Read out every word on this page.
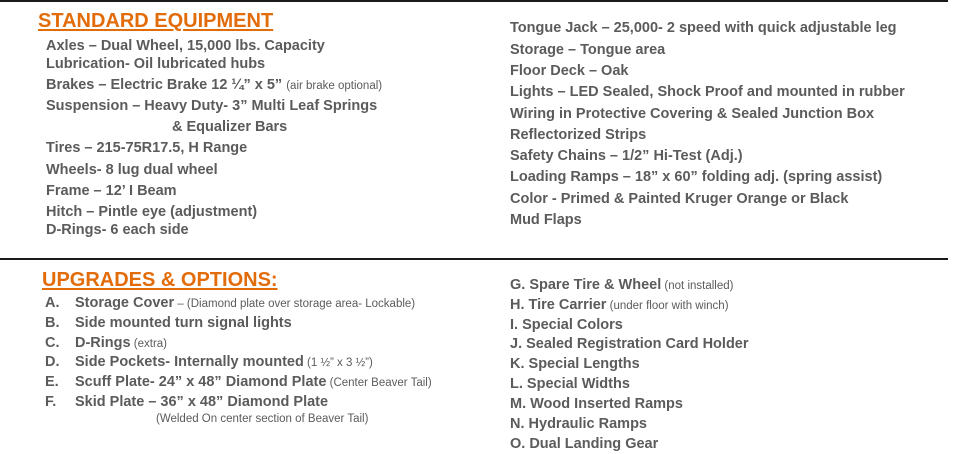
STANDARD EQUIPMENT
Axles – Dual Wheel, 15,000 lbs. Capacity
Lubrication- Oil lubricated hubs
Brakes – Electric Brake 12 ¼” x 5” (air brake optional)
Suspension – Heavy Duty- 3” Multi Leaf Springs
& Equalizer Bars
Tires – 215-75R17.5, H Range
Wheels- 8 lug dual wheel
Frame – 12’ I Beam
Hitch – Pintle eye (adjustment)
D-Rings- 6 each side
Tongue Jack – 25,000- 2 speed with quick adjustable leg
Storage – Tongue area
Floor Deck – Oak
Lights – LED Sealed, Shock Proof and mounted in rubber
Wiring in Protective Covering & Sealed Junction Box
Reflectorized Strips
Safety Chains – 1/2” Hi-Test (Adj.)
Loading Ramps – 18” x 60” folding adj. (spring assist)
Color - Primed & Painted Kruger Orange or Black
Mud Flaps
UPGRADES & OPTIONS:
A. Storage Cover – (Diamond plate over storage area- Lockable)
B. Side mounted turn signal lights
C. D-Rings (extra)
D. Side Pockets- Internally mounted (1 ½” x 3 ½”)
E. Scuff Plate- 24” x 48” Diamond Plate (Center Beaver Tail)
F. Skid Plate – 36” x 48” Diamond Plate
(Welded On center section of Beaver Tail)
G. Spare Tire & Wheel (not installed)
H. Tire Carrier (under floor with winch)
I. Special Colors
J. Sealed Registration Card Holder
K. Special Lengths
L. Special Widths
M. Wood Inserted Ramps
N. Hydraulic Ramps
O. Dual Landing Gear
